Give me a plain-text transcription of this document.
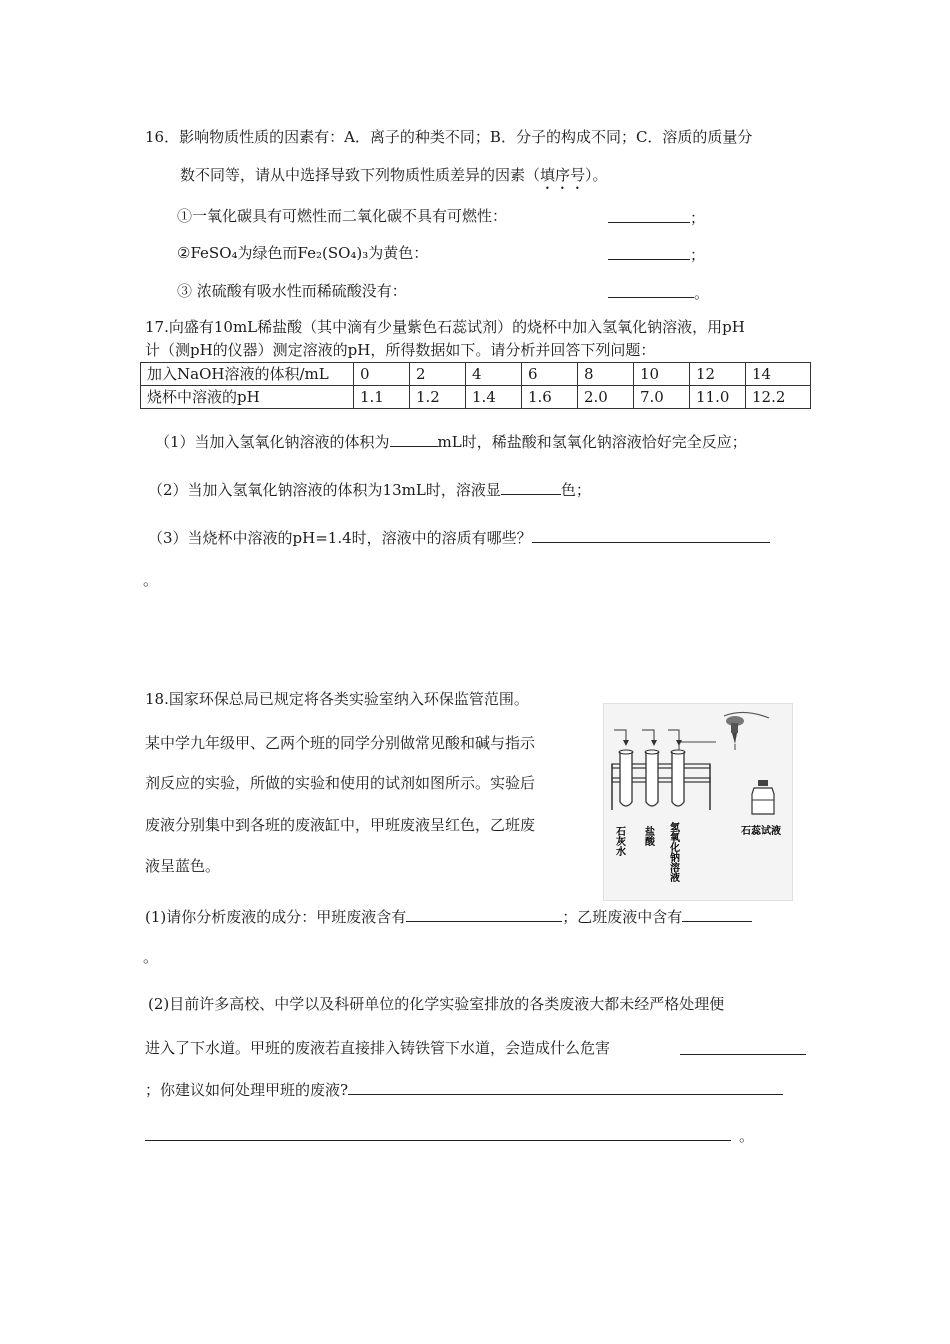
16．影响物质性质的因素有：A．离子的种类不同；B．分子的构成不同；C．溶质的质量分
数不同等，请从中选择导致下列物质性质差异的因素（填序号）。
①一氧化碳具有可燃性而二氧化碳不具有可燃性：	；
②FeSO₄为绿色而Fe₂(SO₄)₃为黄色：	；
③ 浓硫酸有吸水性而稀硫酸没有：	。
17.向盛有10mL稀盐酸（其中滴有少量紫色石蕊试剂）的烧杯中加入氢氧化钠溶液，用pH
计（测pH的仪器）测定溶液的pH，所得数据如下。请分析并回答下列问题：
加入NaOH溶液的体积/mL	0	2	4	6	8	10	12	14
烧杯中溶液的pH	1.1	1.2	1.4	1.6	2.0	7.0	11.0	12.2
（1）当加入氢氧化钠溶液的体积为	mL时，稀盐酸和氢氧化钠溶液恰好完全反应；
（2）当加入氢氧化钠溶液的体积为13mL时，溶液显	色；
（3）当烧杯中溶液的pH=1.4时，溶液中的溶质有哪些？
。
18.国家环保总局已规定将各类实验室纳入环保监管范围。
某中学九年级甲、乙两个班的同学分别做常见酸和碱与指示
剂反应的实验，所做的实验和使用的试剂如图所示。实验后
废液分别集中到各班的废液缸中，甲班废液呈红色，乙班废
液呈蓝色。
石灰水 盐酸 氢氧化钠溶液	石蕊试液
(1)请你分析废液的成分：甲班废液含有	；乙班废液中含有
。
(2)目前许多高校、中学以及科研单位的化学实验室排放的各类废液大都未经严格处理便
进入了下水道。甲班的废液若直接排入铸铁管下水道，会造成什么危害
；你建议如何处理甲班的废液?
。
